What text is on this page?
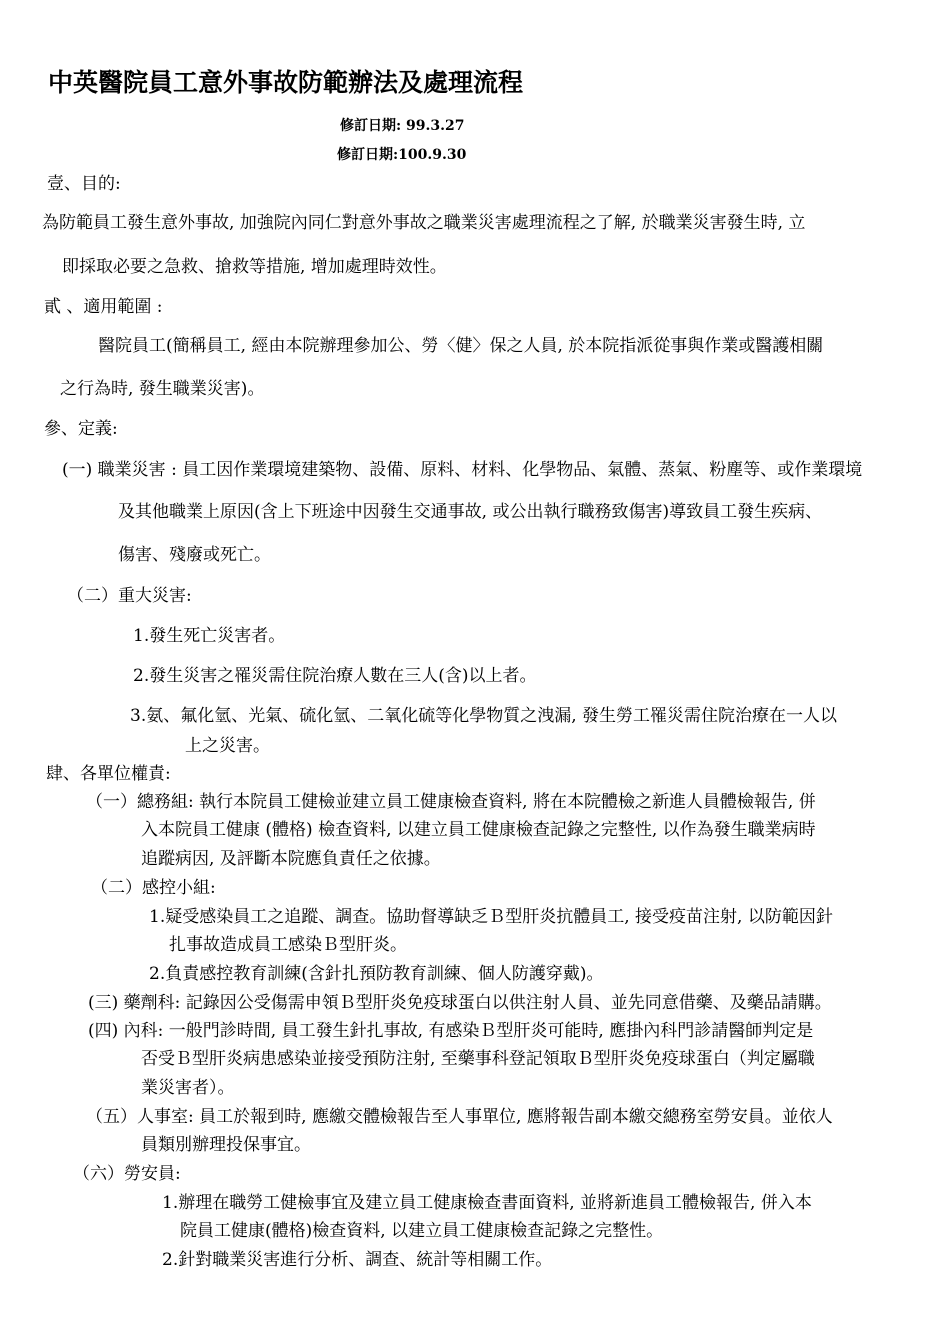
中英醫院員工意外事故防範辦法及處理流程
修訂日期: 99.3.27
修訂日期:100.9.30
壹、目的:
為防範員工發生意外事故, 加強院內同仁對意外事故之職業災害處理流程之了解, 於職業災害發生時, 立
即採取必要之急救、搶救等措施, 增加處理時效性。
貳 、適用範圍 :
醫院員工(簡稱員工, 經由本院辦理參加公、勞〈健〉保之人員, 於本院指派從事與作業或醫護相關
之行為時, 發生職業災害)。
參、定義:
(一) 職業災害 : 員工因作業環境建築物、設備、原料、材料、化學物品、氣體、蒸氣、粉塵等、或作業環境
及其他職業上原因(含上下班途中因發生交通事故, 或公出執行職務致傷害)導致員工發生疾病、
傷害、殘廢或死亡。
（二）重大災害:
1.發生死亡災害者。
2.發生災害之罹災需住院治療人數在三人(含)以上者。
3.氨、氟化氫、光氣、硫化氫、二氧化硫等化學物質之洩漏, 發生勞工罹災需住院治療在一人以
上之災害。
肆、各單位權責:
（一）總務組: 執行本院員工健檢並建立員工健康檢查資料, 將在本院體檢之新進人員體檢報告, 併
入本院員工健康 (體格) 檢查資料, 以建立員工健康檢查記錄之完整性, 以作為發生職業病時
追蹤病因, 及評斷本院應負責任之依據。
（二）感控小組:
1.疑受感染員工之追蹤、調查。協助督導缺乏Ｂ型肝炎抗體員工, 接受疫苗注射, 以防範因針
扎事故造成員工感染Ｂ型肝炎。
2.負責感控教育訓練(含針扎預防教育訓練、個人防護穿戴)。
(三) 藥劑科: 記錄因公受傷需申領Ｂ型肝炎免疫球蛋白以供注射人員、並先同意借藥、及藥品請購。
(四) 內科: 一般門診時間, 員工發生針扎事故, 有感染Ｂ型肝炎可能時, 應掛內科門診請醫師判定是
否受Ｂ型肝炎病患感染並接受預防注射, 至藥事科登記領取Ｂ型肝炎免疫球蛋白（判定屬職
業災害者）。
（五）人事室: 員工於報到時, 應繳交體檢報告至人事單位, 應將報告副本繳交總務室勞安員。並依人
員類別辦理投保事宜。
（六）勞安員:
1.辦理在職勞工健檢事宜及建立員工健康檢查書面資料, 並將新進員工體檢報告, 併入本
院員工健康(體格)檢查資料, 以建立員工健康檢查記錄之完整性。
2.針對職業災害進行分析、調查、統計等相關工作。
